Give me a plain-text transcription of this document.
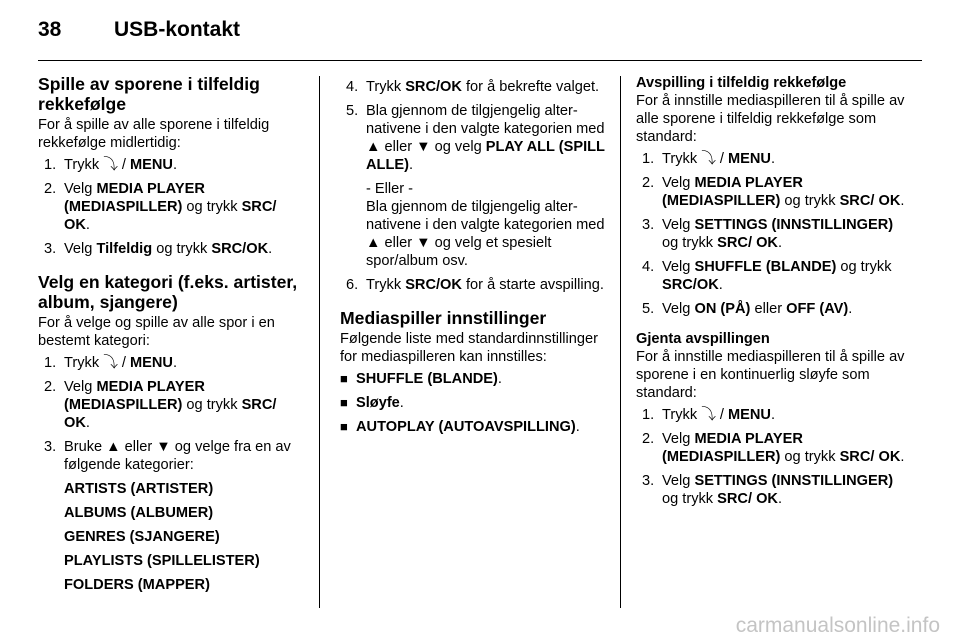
38	USB-kontakt
Spille av sporene i tilfeldig rekkefølge

For å spille av alle sporene i tilfeldig rekkefølge midlertidig:

1. Trykk ⤵ / MENU.
2. Velg MEDIA PLAYER (MEDIASPILLER) og trykk SRC/ OK.
3. Velg Tilfeldig og trykk SRC/OK.
Velg en kategori (f.eks. artister, album, sjangere)

For å velge og spille av alle spor i en bestemt kategori:

1. Trykk ⤵ / MENU.
2. Velg MEDIA PLAYER (MEDIASPILLER) og trykk SRC/ OK.
3. Bruke ▲ eller ▼ og velge fra en av følgende kategorier:
ARTISTS (ARTISTER)
ALBUMS (ALBUMER)
GENRES (SJANGERE)
PLAYLISTS (SPILLELISTER)
FOLDERS (MAPPER)
4. Trykk SRC/OK for å bekrefte valget.
5. Bla gjennom de tilgjengelig alternativene i den valgte kategorien med ▲ eller ▼ og velg PLAY ALL (SPILL ALLE).
- Eller -
Bla gjennom de tilgjengelig alternativene i den valgte kategorien med ▲ eller ▼ og velg et spesielt spor/album osv.
6. Trykk SRC/OK for å starte avspilling.
Mediaspiller innstillinger

Følgende liste med standardinnstillinger for mediaspilleren kan innstilles:

■ SHUFFLE (BLANDE).
■ Sløyfe.
■ AUTOPLAY (AUTOAVSPILLING).
Avspilling i tilfeldig rekkefølge

For å innstille mediaspilleren til å spille av alle sporene i tilfeldig rekkefølge som standard:

1. Trykk ⤵ / MENU.
2. Velg MEDIA PLAYER (MEDIASPILLER) og trykk SRC/ OK.
3. Velg SETTINGS (INNSTILLINGER) og trykk SRC/ OK.
4. Velg SHUFFLE (BLANDE) og trykk SRC/OK.
5. Velg ON (PÅ) eller OFF (AV).
Gjenta avspillingen

For å innstille mediaspilleren til å spille av sporene i en kontinuerlig sløyfe som standard:

1. Trykk ⤵ / MENU.
2. Velg MEDIA PLAYER (MEDIASPILLER) og trykk SRC/ OK.
3. Velg SETTINGS (INNSTILLINGER) og trykk SRC/ OK.
carmanualsonline.info
